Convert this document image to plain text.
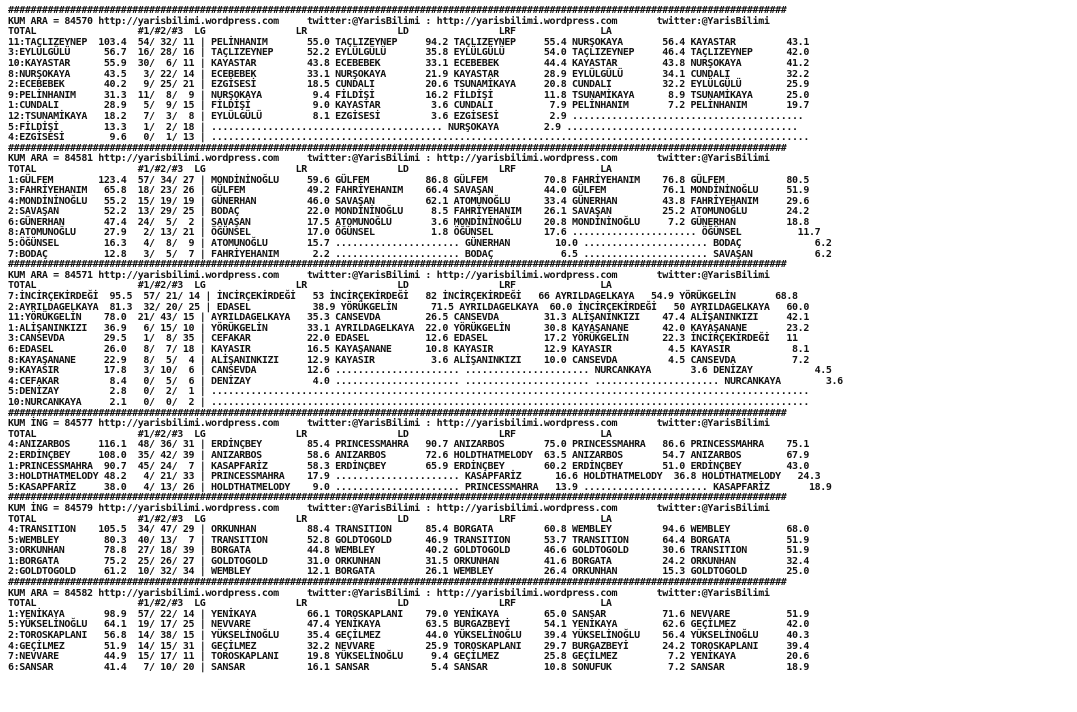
##########################################################################################################################################
KUM ARA = 84570 http://yarisbilimi.wordpress.com     twitter:@YarisBilimi : http://yarisbilimi.wordpress.com       twitter:@YarisBilimi
TOTAL                  #1/#2/#3  LG                LR                LD                LRF               LA
11:TAÇLIZEYNEP  103.4  54/ 32/ 11 | PELİNHANIM       55.0 TAÇLIZEYNEP     94.2 TAÇLIZEYNEP     55.4 NURŞOKAYA       56.4 KAYASTAR         43.1
3:EYLÜLGÜLÜ      56.7  16/ 28/ 16 | TAÇLIZEYNEP      52.2 EYLÜLGÜLÜ       35.8 EYLÜLGÜLÜ       54.0 TAÇLIZEYNEP     46.4 TAÇLIZEYNEP      42.0
10:KAYASTAR      55.9  30/  6/ 11 | KAYASTAR         43.8 ECEBEBEK        33.1 ECEBEBEK        44.4 KAYASTAR        43.8 NURŞOKAYA        41.2
8:NURŞOKAYA      43.5   3/ 22/ 14 | ECEBEBEK         33.1 NURŞOKAYA       21.9 KAYASTAR        28.9 EYLÜLGÜLÜ       34.1 CUNDALI          32.2
2:ECEBEBEK       40.2   9/ 25/ 21 | EZGİSESİ         18.5 CUNDALI         20.6 TSUNAMİKAYA     20.8 CUNDALI         32.2 EYLÜLGÜLÜ        25.9
9:PELİNHANIM     31.3  11/  8/  9 | NURŞOKAYA         9.4 FİLDİŞİ         16.2 FİLDİŞİ         11.8 TSUNAMİKAYA      8.9 TSUNAMİKAYA      25.0
1:CUNDALI        28.9   5/  9/ 15 | FİLDİŞİ           9.0 KAYASTAR         3.6 CUNDALI          7.9 PELİNHANIM       7.2 PELİNHANIM       19.7
12:TSUNAMİKAYA   18.2   7/  3/  8 | EYLÜLGÜLÜ         8.1 EZGİSESİ         3.6 EZGİSESİ         2.9 .........................................
5:FİLDİŞİ        13.3   1/  2/ 18 | ......................................... NURŞOKAYA        2.9 .........................................
4:EZGİSESİ        9.6   0/  1/ 13 | ..........................................................................................................
##########################################################################################################################################
KUM ARA = 84581 http://yarisbilimi.wordpress.com     twitter:@YarisBilimi : http://yarisbilimi.wordpress.com       twitter:@YarisBilimi
TOTAL                  #1/#2/#3  LG                LR                LD                LRF               LA
1:GÜLFEM        123.4  57/ 34/ 27 | MONDİNİNOĞLU     59.6 GÜLFEM          86.8 GÜLFEM          70.8 FAHRİYEHANIM    76.8 GÜLFEM           80.5
3:FAHRİYEHANIM   65.8  18/ 23/ 26 | GÜLFEM           49.2 FAHRİYEHANIM    66.4 SAVAŞAN         44.0 GÜLFEM          76.1 MONDİNİNOĞLU     51.9
4:MONDİNİNOĞLU   55.2  15/ 19/ 19 | GÜNERHAN         46.0 SAVAŞAN         62.1 ATOMUNOĞLU      33.4 GÜNERHAN        43.8 FAHRİYEHANIM     29.6
2:SAVAŞAN        52.2  13/ 29/ 25 | BODAÇ            22.0 MONDİNİNOĞLU     8.5 FAHRİYEHANIM    26.1 SAVAŞAN         25.2 ATOMUNOĞLU       24.2
6:GÜNERHAN       47.4  24/  5/  2 | SAVAŞAN          17.5 ATOMUNOĞLU       3.6 MONDİNİNOĞLU    20.8 MONDİNİNOĞLU     7.2 GÜNERHAN         18.8
8:ATOMUNOĞLU     27.9   2/ 13/ 21 | ÖĞÜNSEL          17.0 ÖĞÜNSEL          1.8 ÖĞÜNSEL         17.6 ...................... ÖĞÜNSEL          11.7
5:ÖĞÜNSEL        16.3   4/  8/  9 | ATOMUNOĞLU       15.7 ...................... GÜNERHAN        10.0 ...................... BODAÇ             6.2
7:BODAÇ          12.8   3/  5/  7 | FAHRİYEHANIM      2.2 ...................... BODAÇ            6.5 ...................... SAVAŞAN           6.2
##########################################################################################################################################
KUM ARA = 84571 http://yarisbilimi.wordpress.com     twitter:@YarisBilimi : http://yarisbilimi.wordpress.com       twitter:@YarisBilimi
TOTAL                  #1/#2/#3  LG                LR                LD                LRF               LA
7:İNCİRÇEKİRDEĞİ  95.5  57/ 21/ 14 | İNCİRÇEKİRDEĞİ   53 İNCİRÇEKİRDEĞİ   82 İNCİRÇEKİRDEĞİ   66 AYRILDAGELKAYA   54.9 YÖRÜKGELİN       68.8
2:AYRILDAGELKAYA  81.3  32/ 20/ 25 | EDASEL           38.9 YÖRÜKGELİN      71.5 AYRILDAGELKAYA  60.0 İNCİRÇEKİRDEĞİ   50 AYRILDAGELKAYA   60.0
11:YÖRÜKGELİN    78.0  21/ 43/ 15 | AYRILDAGELKAYA   35.3 CANSEVDA        26.5 CANSEVDA        31.3 ALİŞANINKIZI    47.4 ALİŞANINKIZI     42.1
1:ALİŞANINKIZI   36.9   6/ 15/ 10 | YÖRÜKGELİN       33.1 AYRILDAGELKAYA  22.0 YÖRÜKGELİN      30.8 KAYAŞANANE      42.0 KAYAŞANANE       23.2
3:CANSEVDA       29.5   1/  8/ 35 | CEFAKAR          22.0 EDASEL          12.6 EDASEL          17.2 YÖRÜKGELİN      22.3 İNCİRÇEKİRDEĞİ   11
6:EDASEL         26.0   8/  7/ 18 | KAYASIR          16.5 KAYAŞANANE      10.8 KAYASIR         12.9 KAYASIR          4.5 KAYASIR           8.1
8:KAYAŞANANE     22.9   8/  5/  4 | ALİŞANINKIZI     12.9 KAYASIR          3.6 ALİŞANINKIZI    10.0 CANSEVDA         4.5 CANSEVDA          7.2
9:KAYASIR        17.8   3/ 10/  6 | CANSEVDA         12.6 ...................... ...................... NURCANKAYA       3.6 DENİZAY           4.5
4:CEFAKAR         8.4   0/  5/  6 | DENİZAY           4.0 ...................... ...................... ...................... NURCANKAYA        3.6
5:DENİZAY         2.8   0/  2/  1 | ..........................................................................................................
10:NURCANKAYA     2.1   0/  0/  2 | ..........................................................................................................
##########################################################################################################################################
KUM İNG = 84577 http://yarisbilimi.wordpress.com     twitter:@YarisBilimi : http://yarisbilimi.wordpress.com       twitter:@YarisBilimi
TOTAL                  #1/#2/#3  LG                LR                LD                LRF               LA
4:ANIZARBOS     116.1  48/ 36/ 31 | ERDİNÇBEY        85.4 PRINCESSMAHRA   90.7 ANIZARBOS       75.0 PRINCESSMAHRA   86.6 PRINCESSMAHRA    75.1
2:ERDİNÇBEY     108.0  35/ 42/ 39 | ANIZARBOS        58.6 ANIZARBOS       72.6 HOLDTHATMELODY  63.5 ANIZARBOS       54.7 ANIZARBOS        67.9
1:PRINCESSMAHRA  90.7  45/ 24/  7 | KASAPFARİZ       58.3 ERDİNÇBEY       65.9 ERDİNÇBEY       60.2 ERDİNÇBEY       51.0 ERDİNÇBEY        43.0
3:HOLDTHATMELODY 48.2   4/ 21/ 33 | PRINCESSMAHRA    17.9 ...................... KASAPFARİZ      16.6 HOLDTHATMELODY  36.8 HOLDTHATMELODY   24.3
5:KASAPFARİZ     38.0   4/ 13/ 26 | HOLDTHATMELODY    9.0 ...................... PRINCESSMAHRA   13.9 ...................... KASAPFARİZ       18.9
##########################################################################################################################################
KUM İNG = 84579 http://yarisbilimi.wordpress.com     twitter:@YarisBilimi : http://yarisbilimi.wordpress.com       twitter:@YarisBilimi
TOTAL                  #1/#2/#3  LG                LR                LD                LRF               LA
4:TRANSITION    105.5  34/ 47/ 29 | ORKUNHAN         88.4 TRANSITION      85.4 BORGATA         60.8 WEMBLEY         94.6 WEMBLEY          68.0
5:WEMBLEY        80.3  40/ 13/  7 | TRANSITION       52.8 GOLDTOGOLD      46.9 TRANSITION      53.7 TRANSITION      64.4 BORGATA          51.9
3:ORKUNHAN       78.8  27/ 18/ 39 | BORGATA          44.8 WEMBLEY         40.2 GOLDTOGOLD      46.6 GOLDTOGOLD      30.6 TRANSITION       51.9
1:BORGATA        75.2  25/ 26/ 27 | GOLDTOGOLD       31.0 ORKUNHAN        31.5 ORKUNHAN        41.6 BORGATA         24.2 ORKUNHAN         32.4
2:GOLDTOGOLD     61.2  10/ 32/ 34 | WEMBLEY          12.1 BORGATA         26.1 WEMBLEY         26.4 ORKUNHAN        15.3 GOLDTOGOLD       25.0
##########################################################################################################################################
KUM ARA = 84582 http://yarisbilimi.wordpress.com     twitter:@YarisBilimi : http://yarisbilimi.wordpress.com       twitter:@YarisBilimi
TOTAL                  #1/#2/#3  LG                LR                LD                LRF               LA
1:YENİKAYA       98.9  57/ 22/ 14 | YENİKAYA         66.1 TOROSKAPLANI    79.0 YENİKAYA        65.0 SANSAR          71.6 NEVVARE          51.9
5:YÜKSELİNOĞLU   64.1  19/ 17/ 25 | NEVVARE          47.4 YENİKAYA        63.5 BURGAZBEYİ      54.1 YENİKAYA        62.6 GEÇİLMEZ         42.0
2:TOROSKAPLANI   56.8  14/ 38/ 15 | YÜKSELİNOĞLU     35.4 GEÇİLMEZ        44.0 YÜKSELİNOĞLU    39.4 YÜKSELİNOĞLU    56.4 YÜKSELİNOĞLU     40.3
4:GEÇİLMEZ       51.9  14/ 15/ 31 | GEÇİLMEZ         32.2 NEVVARE         25.9 TOROSKAPLANI    29.7 BURGAZBEYİ      24.2 TOROSKAPLANI     39.4
7:NEVVARE        44.9  15/ 17/ 11 | TOROSKAPLANI     19.8 YÜKSELİNOĞLU     9.4 GEÇİLMEZ        25.8 GEÇİLMEZ         7.2 YENİKAYA         20.6
6:SANSAR         41.4   7/ 10/ 20 | SANSAR           16.1 SANSAR           5.4 SANSAR          10.8 SONUFUK          7.2 SANSAR           18.9
